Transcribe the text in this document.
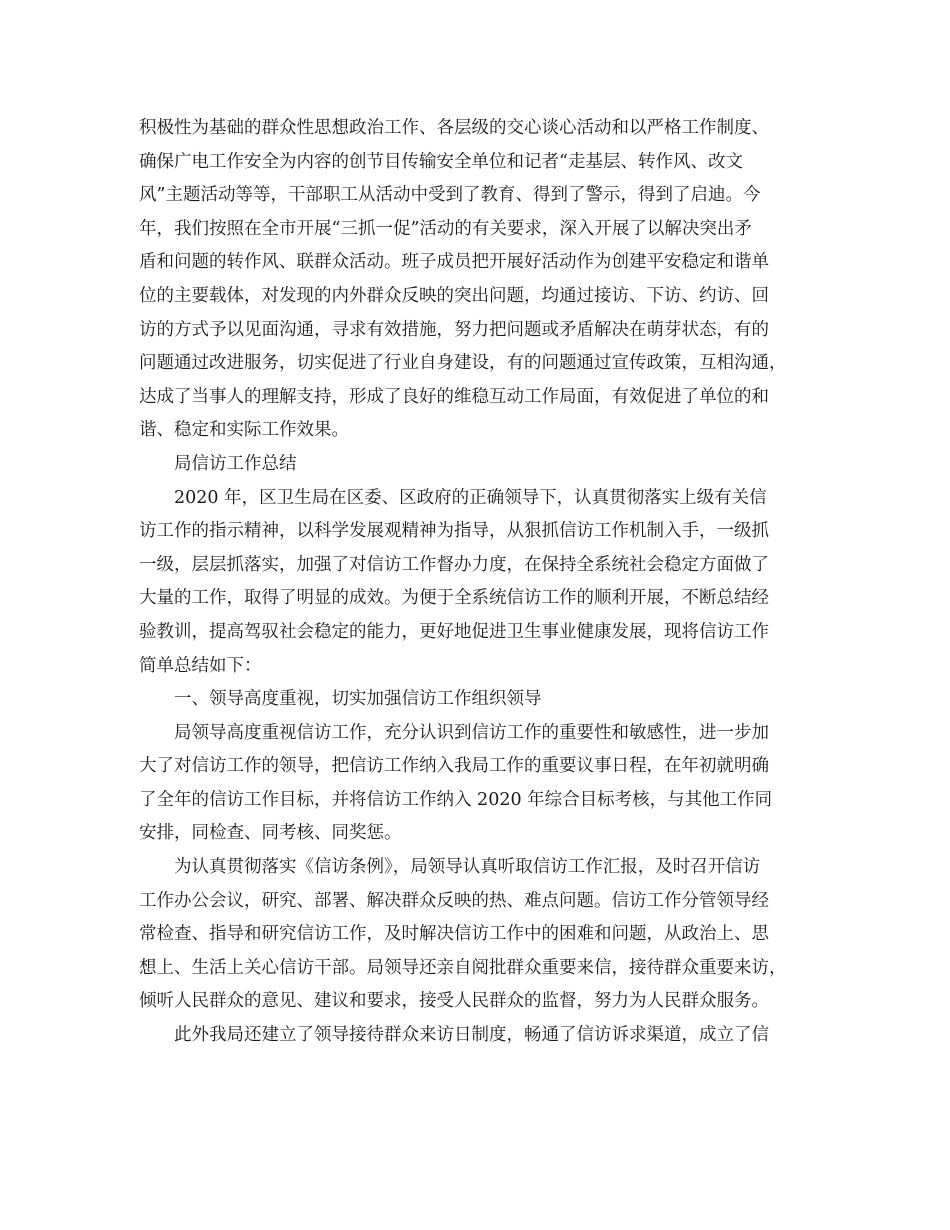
积极性为基础的群众性思想政治工作、各层级的交心谈心活动和以严格工作制度、
确保广电工作安全为内容的创节目传输安全单位和记者“走基层、转作风、改文
风”主题活动等等，干部职工从活动中受到了教育、得到了警示，得到了启迪。今
年，我们按照在全市开展“三抓一促”活动的有关要求，深入开展了以解决突出矛
盾和问题的转作风、联群众活动。班子成员把开展好活动作为创建平安稳定和谐单
位的主要载体，对发现的内外群众反映的突出问题，均通过接访、下访、约访、回
访的方式予以见面沟通，寻求有效措施，努力把问题或矛盾解决在萌芽状态，有的
问题通过改进服务，切实促进了行业自身建设，有的问题通过宣传政策，互相沟通，
达成了当事人的理解支持，形成了良好的维稳互动工作局面，有效促进了单位的和
谐、稳定和实际工作效果。
局信访工作总结
2020 年，区卫生局在区委、区政府的正确领导下，认真贯彻落实上级有关信
访工作的指示精神，以科学发展观精神为指导，从狠抓信访工作机制入手，一级抓
一级，层层抓落实，加强了对信访工作督办力度，在保持全系统社会稳定方面做了
大量的工作，取得了明显的成效。为便于全系统信访工作的顺利开展，不断总结经
验教训，提高驾驭社会稳定的能力，更好地促进卫生事业健康发展，现将信访工作
简单总结如下：
一、领导高度重视，切实加强信访工作组织领导
局领导高度重视信访工作，充分认识到信访工作的重要性和敏感性，进一步加
大了对信访工作的领导，把信访工作纳入我局工作的重要议事日程，在年初就明确
了全年的信访工作目标，并将信访工作纳入 2020 年综合目标考核，与其他工作同
安排，同检查、同考核、同奖惩。
为认真贯彻落实《信访条例》，局领导认真听取信访工作汇报，及时召开信访
工作办公会议，研究、部署、解决群众反映的热、难点问题。信访工作分管领导经
常检查、指导和研究信访工作，及时解决信访工作中的困难和问题，从政治上、思
想上、生活上关心信访干部。局领导还亲自阅批群众重要来信，接待群众重要来访，
倾听人民群众的意见、建议和要求，接受人民群众的监督，努力为人民群众服务。
此外我局还建立了领导接待群众来访日制度，畅通了信访诉求渠道，成立了信
